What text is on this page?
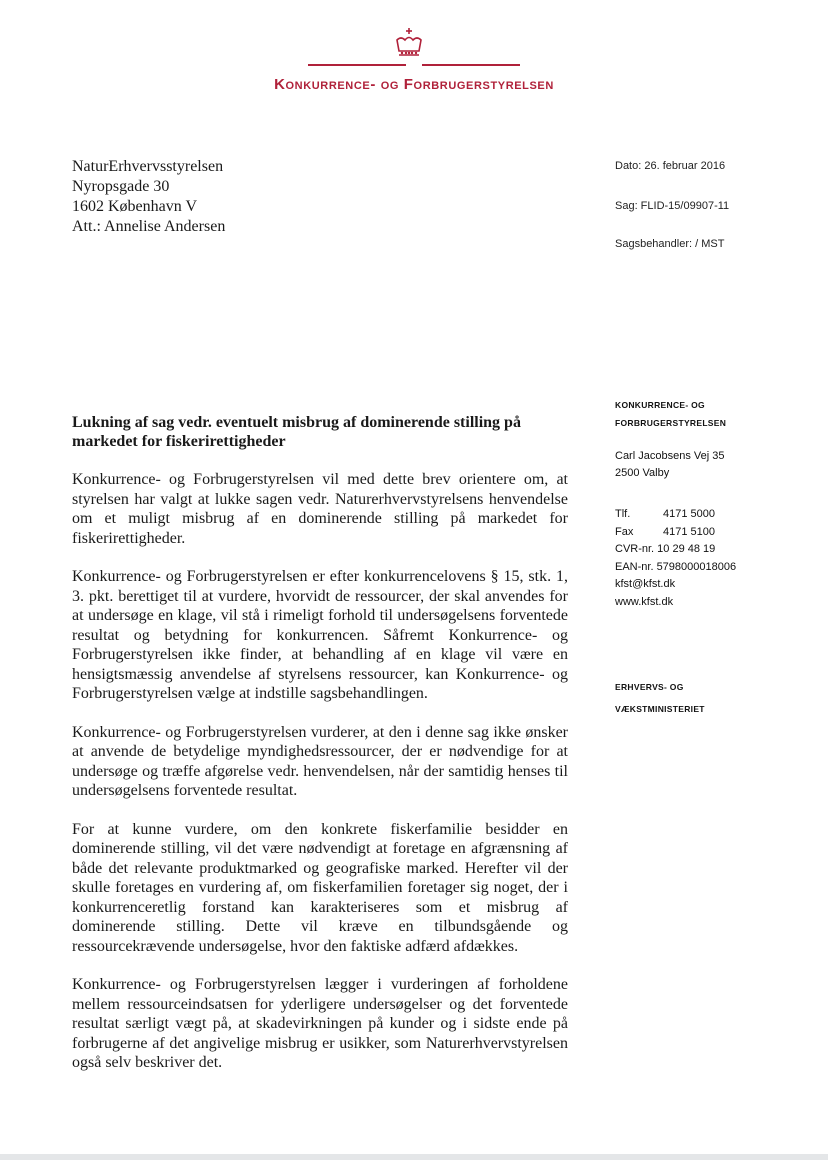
Konkurrence- og Forbrugerstyrelsen
NaturErhvervsstyrelsen
Nyropsgade 30
1602 København V
Att.: Annelise Andersen
Dato: 26. februar 2016
Sag: FLID-15/09907-11
Sagsbehandler: / MST
KONKURRENCE- OG
FORBRUGERSTYRELSEN
Carl Jacobsens Vej 35
2500 Valby
Tlf.	4171 5000
Fax	4171 5100
CVR-nr. 10 29 48 19
EAN-nr. 5798000018006
kfst@kfst.dk
www.kfst.dk
ERHVERVS- OG
VÆKSTMINISTERIET
Lukning af sag vedr. eventuelt misbrug af dominerende stilling på markedet for fiskerirettigheder

Konkurrence- og Forbrugerstyrelsen vil med dette brev orientere om, at styrelsen har valgt at lukke sagen vedr. Naturerhvervstyrelsens henvendelse om et muligt misbrug af en dominerende stilling på markedet for fiskerirettigheder.

Konkurrence- og Forbrugerstyrelsen er efter konkurrencelovens § 15, stk. 1, 3. pkt. berettiget til at vurdere, hvorvidt de ressourcer, der skal anvendes for at undersøge en klage, vil stå i rimeligt forhold til undersøgelsens forventede resultat og betydning for konkurrencen. Såfremt Konkurrence- og Forbrugerstyrelsen ikke finder, at behandling af en klage vil være en hensigtsmæssig anvendelse af styrelsens ressourcer, kan Konkurrence- og Forbrugerstyrelsen vælge at indstille sagsbehandlingen.

Konkurrence- og Forbrugerstyrelsen vurderer, at den i denne sag ikke ønsker at anvende de betydelige myndighedsressourcer, der er nødvendige for at undersøge og træffe afgørelse vedr. henvendelsen, når der samtidig henses til undersøgelsens forventede resultat.

For at kunne vurdere, om den konkrete fiskerfamilie besidder en dominerende stilling, vil det være nødvendigt at foretage en afgrænsning af både det relevante produktmarked og geografiske marked. Herefter vil der skulle foretages en vurdering af, om fiskerfamilien foretager sig noget, der i konkurrenceretlig forstand kan karakteriseres som et misbrug af dominerende stilling. Dette vil kræve en tilbundsgående og ressourcekrævende undersøgelse, hvor den faktiske adfærd afdækkes.

Konkurrence- og Forbrugerstyrelsen lægger i vurderingen af forholdene mellem ressourceindsatsen for yderligere undersøgelser og det forventede resultat særligt vægt på, at skadevirkningen på kunder og i sidste ende på forbrugerne af det angivelige misbrug er usikker, som Naturerhvervstyrelsen også selv beskriver det.
